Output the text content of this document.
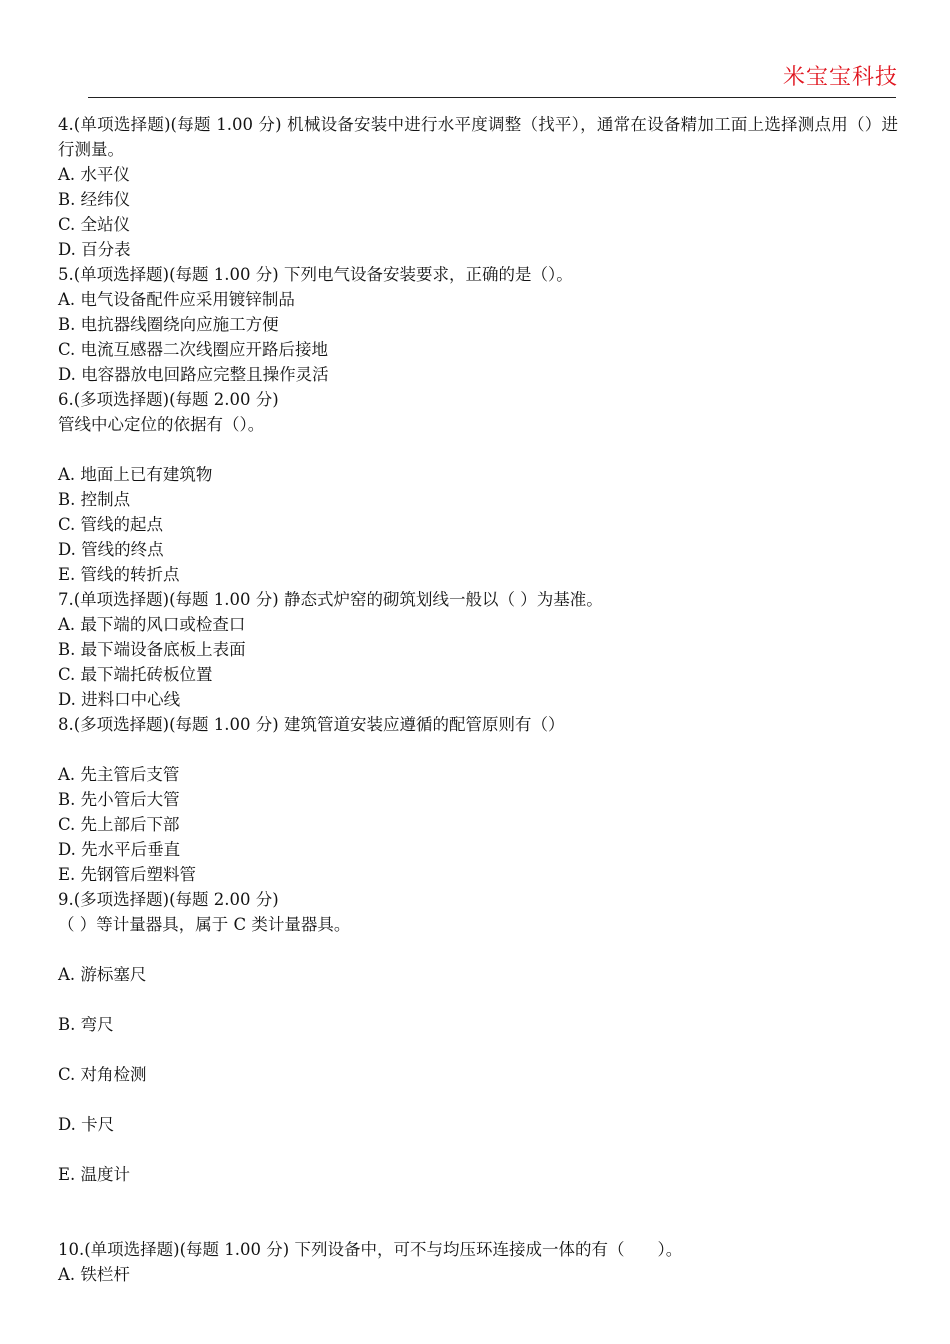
米宝宝科技
4.(单项选择题)(每题 1.00 分) 机械设备安装中进行水平度调整（找平），通常在设备精加工面上选择测点用（）进行测量。
A. 水平仪
B. 经纬仪
C. 全站仪
D. 百分表
5.(单项选择题)(每题 1.00 分) 下列电气设备安装要求，正确的是（）。
A. 电气设备配件应采用镀锌制品
B. 电抗器线圈绕向应施工方便
C. 电流互感器二次线圈应开路后接地
D. 电容器放电回路应完整且操作灵活
6.(多项选择题)(每题 2.00 分)
管线中心定位的依据有（）。
A. 地面上已有建筑物
B. 控制点
C. 管线的起点
D. 管线的终点
E. 管线的转折点
7.(单项选择题)(每题 1.00 分) 静态式炉窑的砌筑划线一般以（ ）为基准。
A. 最下端的风口或检查口
B. 最下端设备底板上表面
C. 最下端托砖板位置
D. 进料口中心线
8.(多项选择题)(每题 1.00 分) 建筑管道安装应遵循的配管原则有（）
A. 先主管后支管
B. 先小管后大管
C. 先上部后下部
D. 先水平后垂直
E. 先钢管后塑料管
9.(多项选择题)(每题 2.00 分)
（ ）等计量器具，属于 C 类计量器具。
A. 游标塞尺
B. 弯尺
C. 对角检测
D. 卡尺
E. 温度计
10.(单项选择题)(每题 1.00 分) 下列设备中，可不与均压环连接成一体的有（　　）。
A. 铁栏杆
